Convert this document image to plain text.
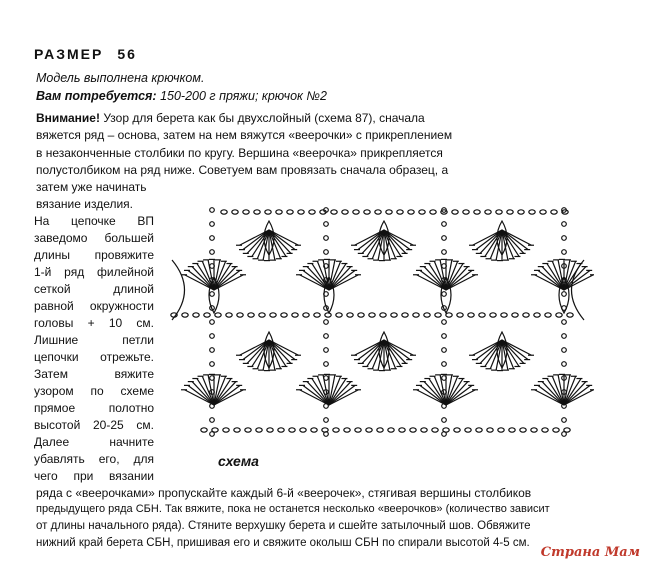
РАЗМЕР 56
Модель выполнена крючком.
Вам потребуется: 150-200 г пряжи; крючок №2
Внимание! Узор для берета как бы двухслойный (схема 87), сначала
вяжется ряд – основа, затем на нем вяжутся «веерочки» с прикреплением
в незаконченные столбики по кругу. Вершина «веерочка» прикрепляется
полустолбиком на ряд ниже. Советуем вам провязать сначала образец, а
затем уже начинать
вязание изделия.
На цепочке ВП
заведомо большей
длины провяжите
1-й ряд филейной
сеткой длиной
равной окружности
головы + 10 см.
Лишние петли
цепочки отрежьте.
Затем вяжите
узором по схеме
прямое полотно
высотой 20-25 см.
Далее начните
убавлять его, для
чего при вязании
ряда с «веерочками» пропускайте каждый 6-й «веерочек», стягивая вершины столбиков
предыдущего ряда СБН. Так вяжите, пока не останется несколько «веерочков» (количество зависит
от длины начального ряда). Стяните верхушку берета и сшейте затылочный шов. Обвяжите
нижний край берета СБН, пришивая его и свяжите околыш СБН по спирали высотой 4-5 см.
схема
Страна Мам
